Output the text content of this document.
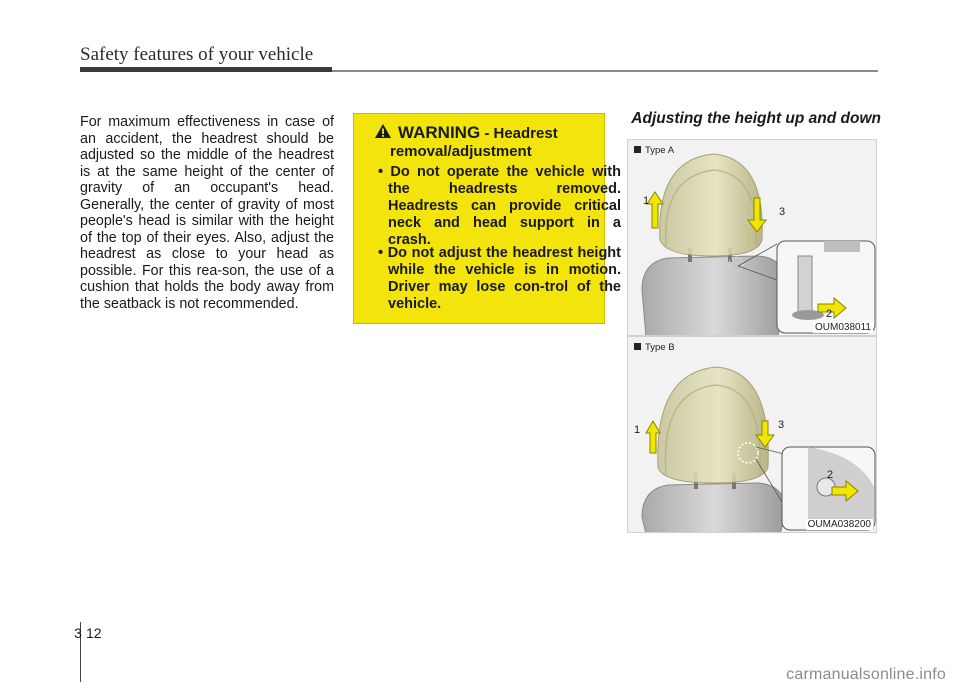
Safety features of your vehicle
For maximum effectiveness in case of an accident, the headrest should be adjusted so the middle of the headrest is at the same height of the center of gravity of an occupant's head. Generally, the center of gravity of most people's head is similar with the height of the top of their eyes. Also, adjust the headrest as close to your head as possible. For this rea-son, the use of a cushion that holds the body away from the seatback is not recommended.
WARNING - Headrest
removal/adjustment
• Do not operate the vehicle with the headrests removed. Headrests can provide critical neck and head support in a crash.
• Do not adjust the headrest height while the vehicle is in motion. Driver may lose con-trol of the vehicle.
Adjusting the height up and down
Type A
1
2
3
OUM038011
Type B
1
2
3
OUMA038200
3 12
carmanualsonline.info
